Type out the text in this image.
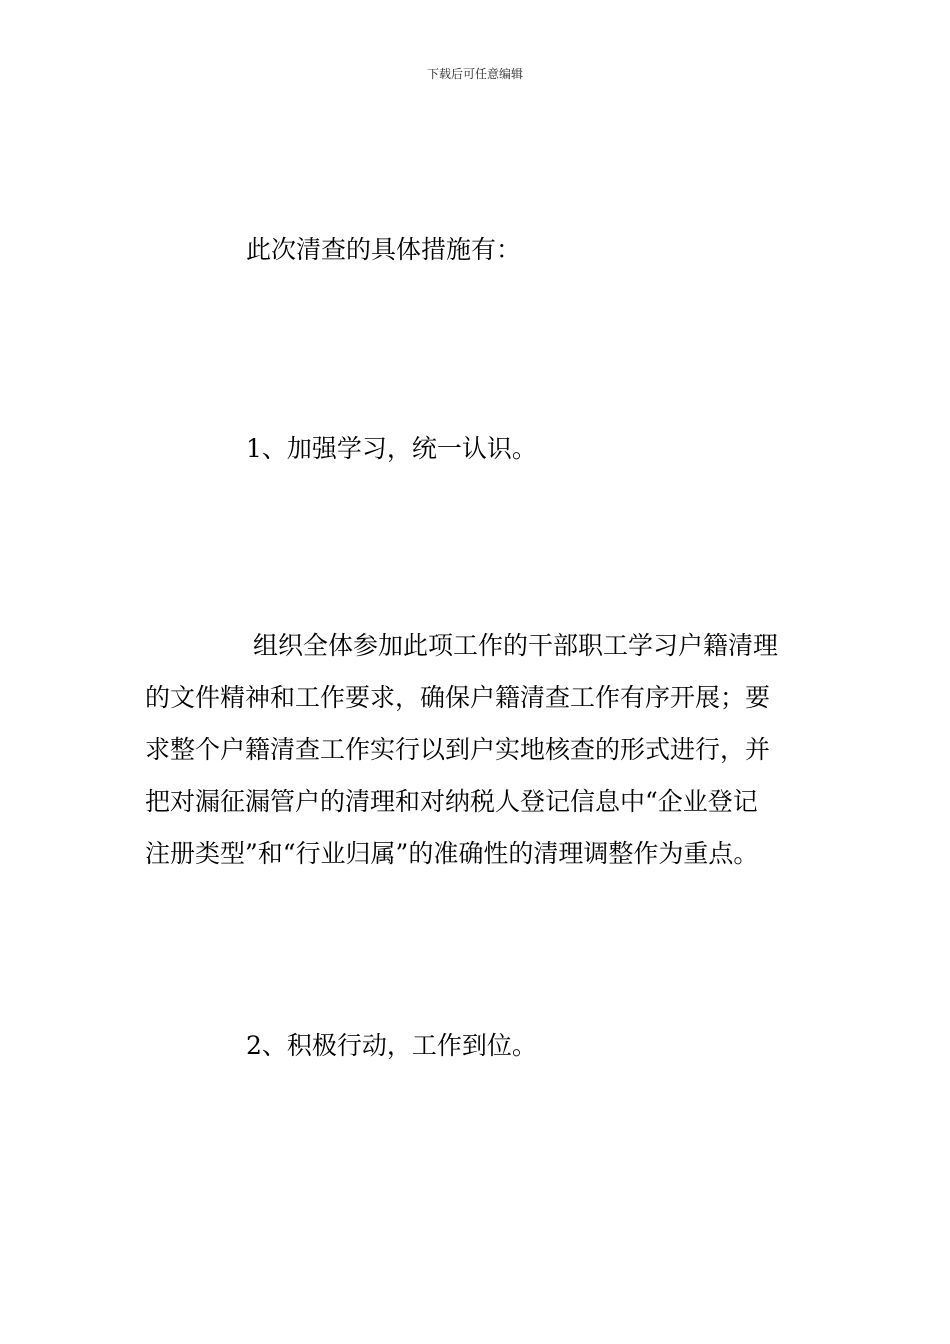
下载后可任意编辑
此次清查的具体措施有：
1、加强学习，统一认识。
组织全体参加此项工作的干部职工学习户籍清理
的文件精神和工作要求，确保户籍清查工作有序开展；要
求整个户籍清查工作实行以到户实地核查的形式进行，并
把对漏征漏管户的清理和对纳税人登记信息中“企业登记
注册类型”和“行业归属”的准确性的清理调整作为重点。
2、积极行动，工作到位。
